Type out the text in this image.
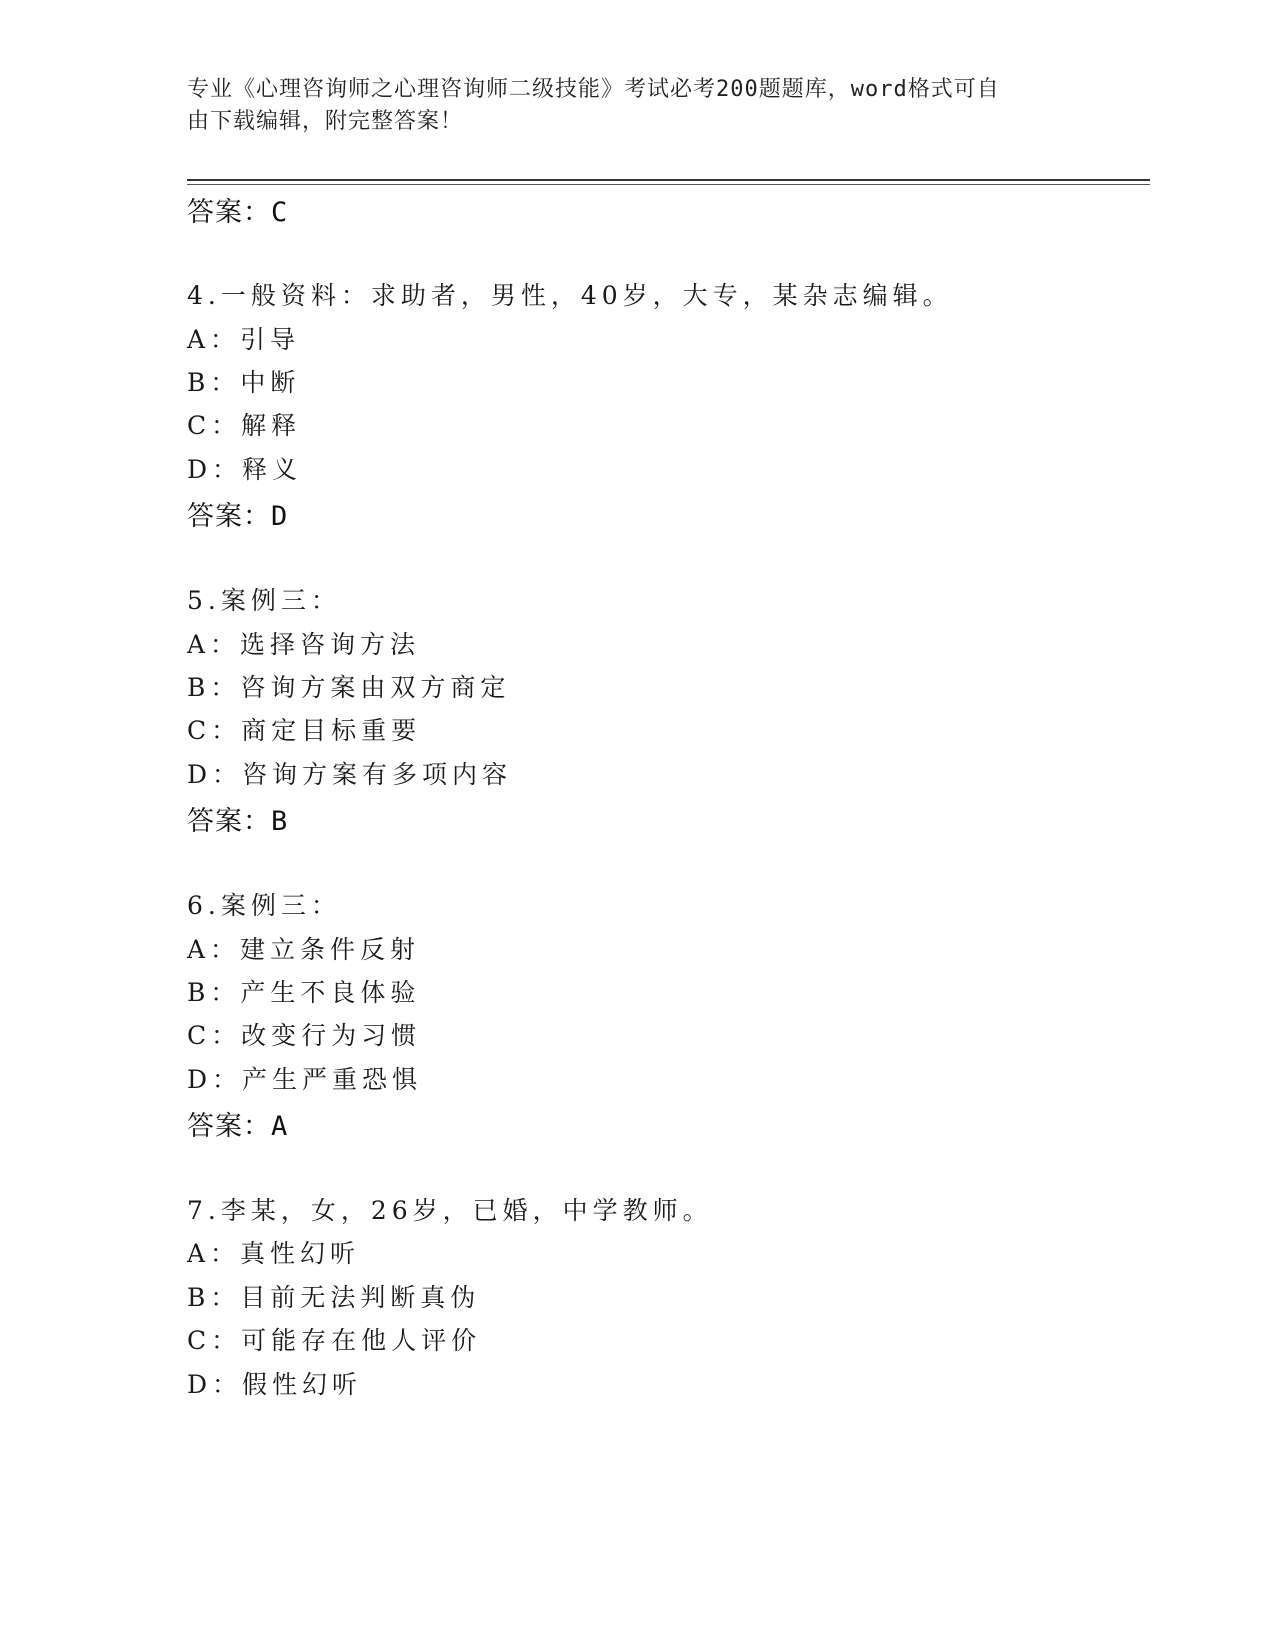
专业《心理咨询师之心理咨询师二级技能》考试必考200题题库，word格式可自
由下载编辑，附完整答案！
答案：C
4.一般资料：求助者，男性，40岁，大专，某杂志编辑。
A：引导
B：中断
C：解释
D：释义
答案：D
5.案例三：
A：选择咨询方法
B：咨询方案由双方商定
C：商定目标重要
D：咨询方案有多项内容
答案：B
6.案例三：
A：建立条件反射
B：产生不良体验
C：改变行为习惯
D：产生严重恐惧
答案：A
7.李某，女，26岁，已婚，中学教师。
A：真性幻听
B：目前无法判断真伪
C：可能存在他人评价
D：假性幻听
